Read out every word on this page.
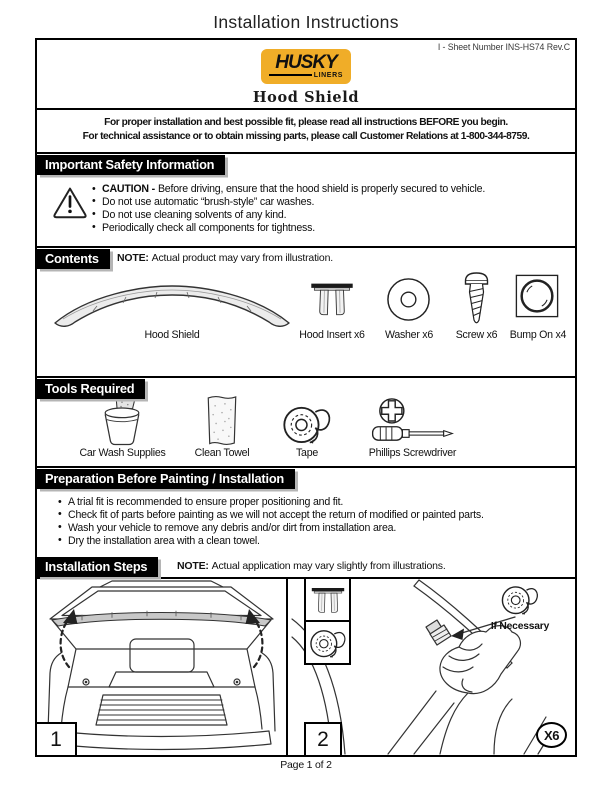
Installation Instructions
I - Sheet Number INS-HS74 Rev.C
HUSKY
LINERS
Hood Shield
For proper installation and best possible fit, please read all instructions BEFORE you begin.
For technical assistance or to obtain missing parts, please call Customer Relations at 1-800-344-8759.
Important Safety Information
• CAUTION - Before driving, ensure that the hood shield is properly secured to vehicle.
• Do not use automatic “brush-style” car washes.
• Do not use cleaning solvents of any kind.
• Periodically check all components for tightness.
Contents	NOTE: Actual product may vary from illustration.
Hood Shield	Hood Insert x6	Washer x6	Screw x6	Bump On x4
Tools Required
Car Wash Supplies	Clean Towel	Tape	Phillips Screwdriver
Preparation Before Painting / Installation
• A trial fit is recommended to ensure proper positioning and fit.
• Check fit of parts before painting as we will not accept the return of modified or painted parts.
• Wash your vehicle to remove any debris and/or dirt from installation area.
• Dry the installation area with a clean towel.
Installation Steps	NOTE: Actual application may vary slightly from illustrations.
1
If Necessary
2	X6
Page 1 of 2
